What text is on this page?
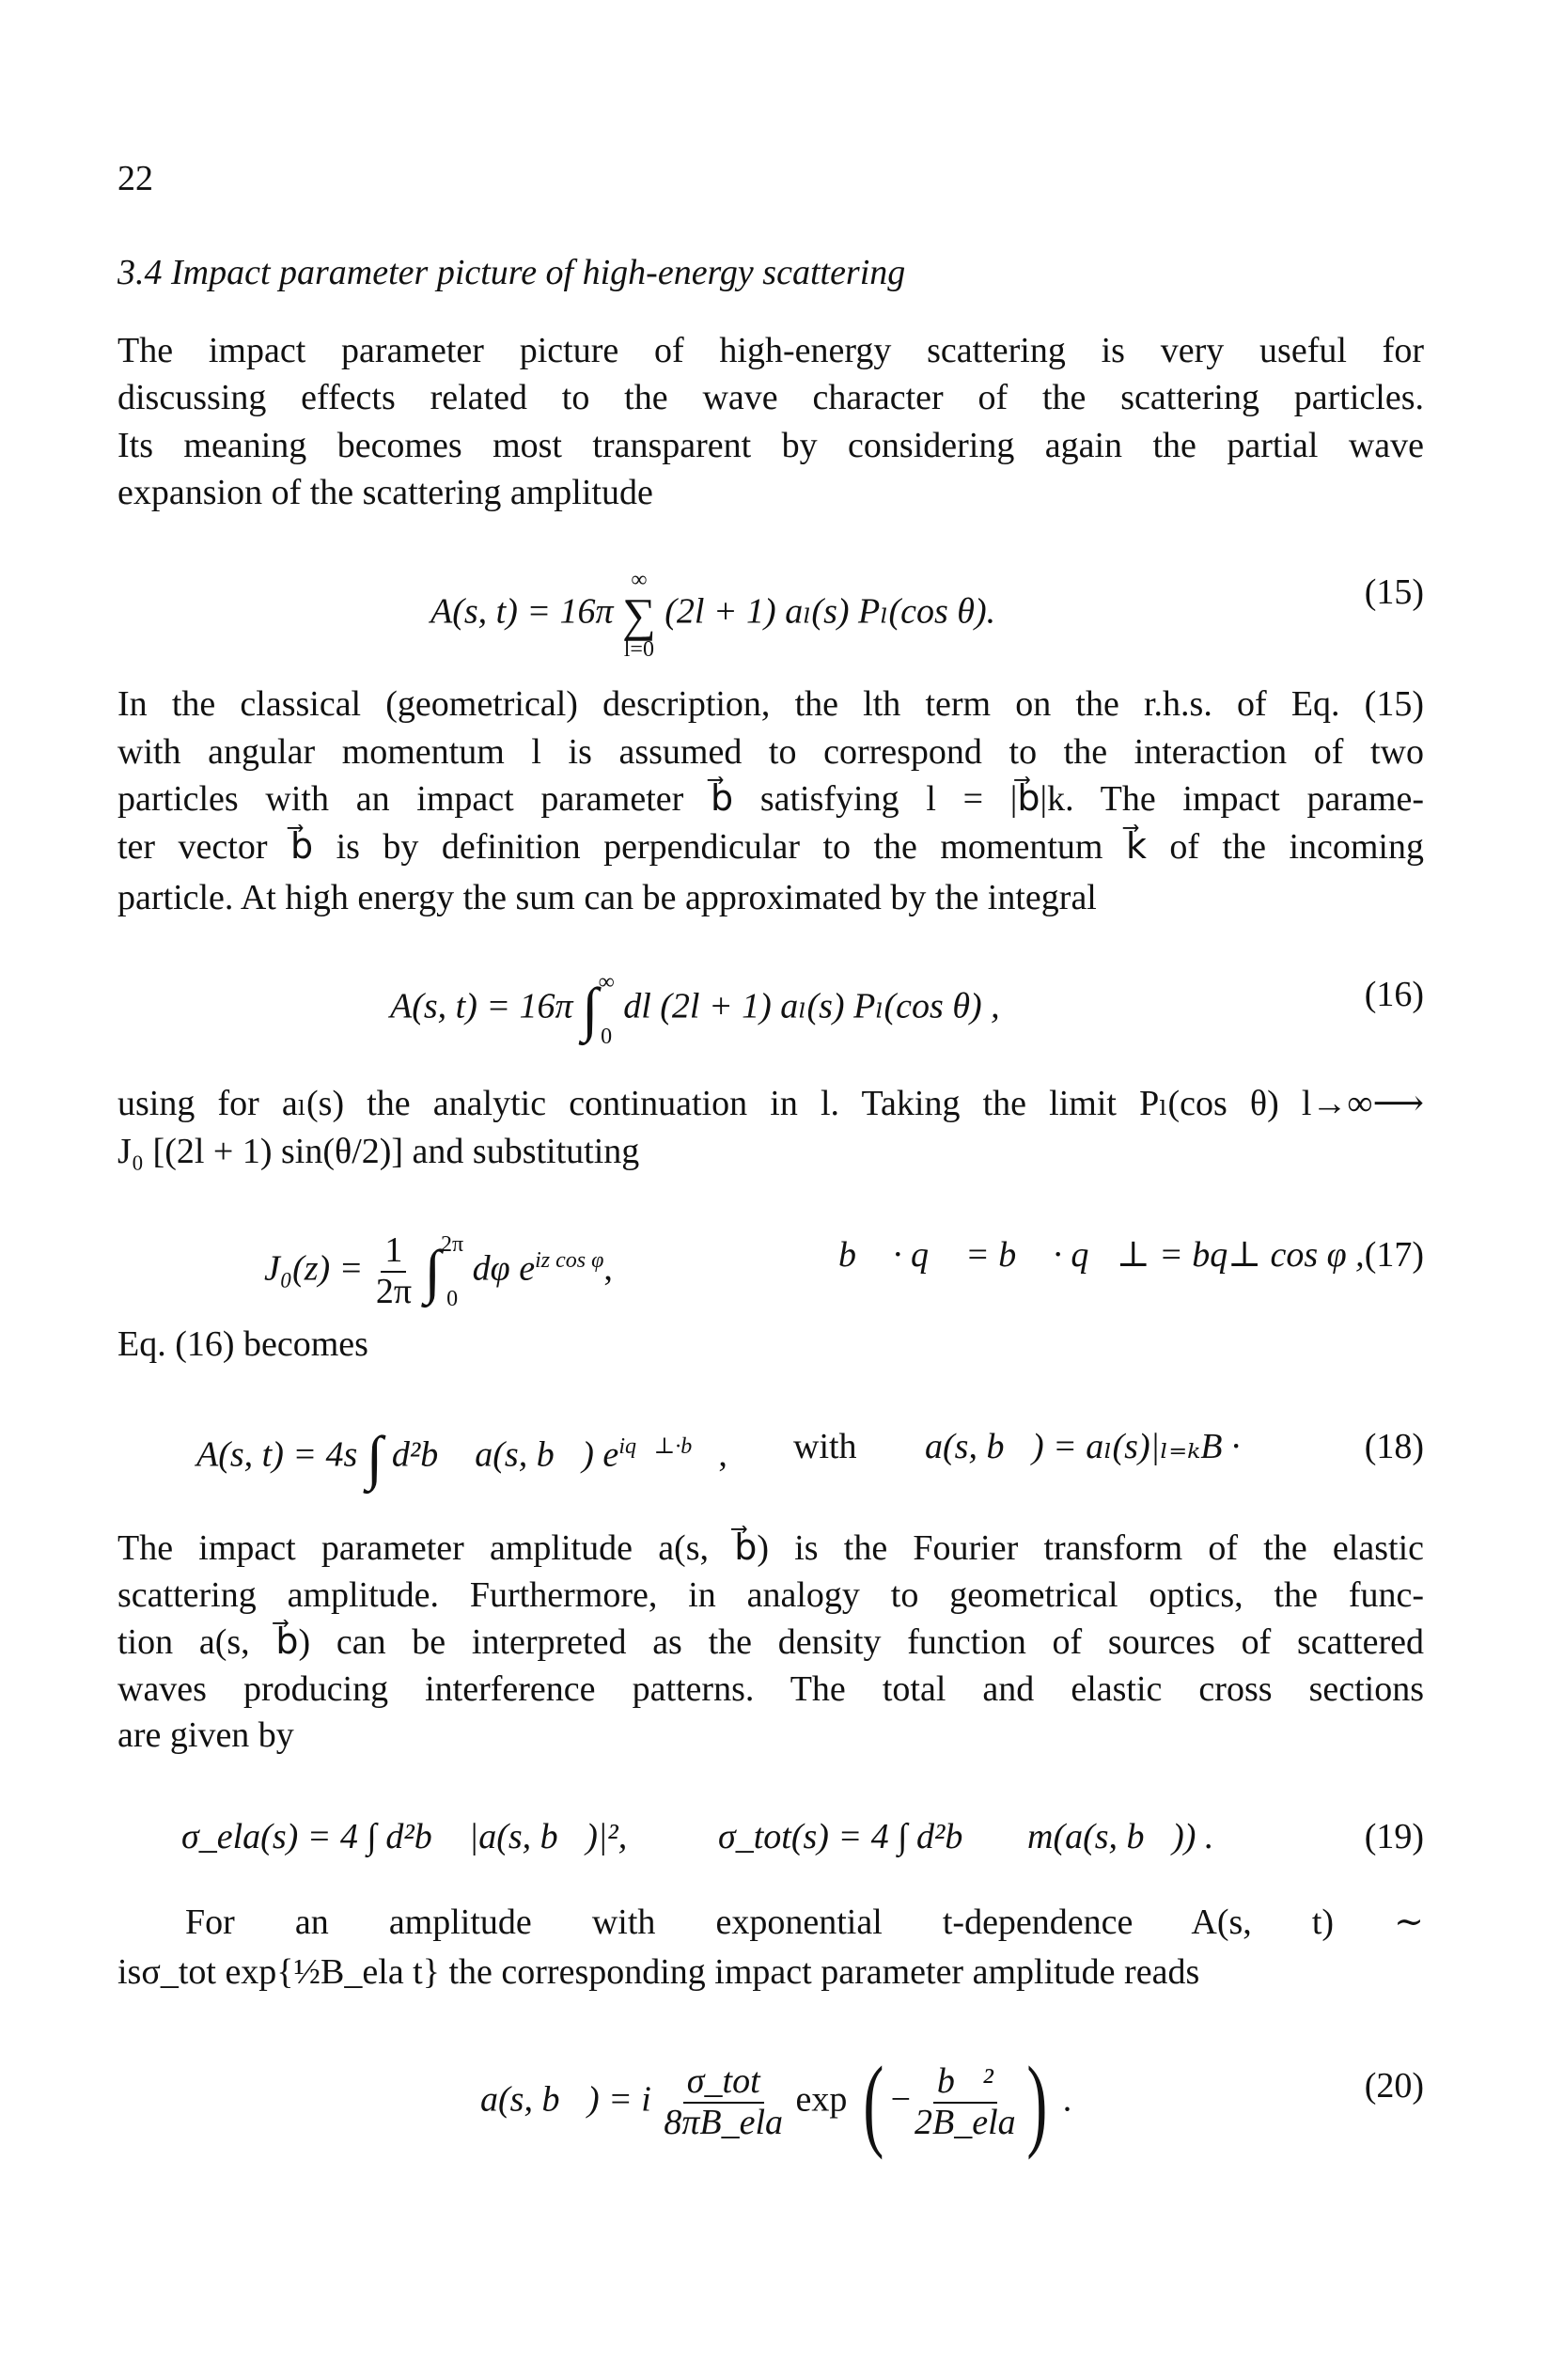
22
3.4 Impact parameter picture of high-energy scattering
The impact parameter picture of high-energy scattering is very useful for
discussing effects related to the wave character of the scattering particles.
Its meaning becomes most transparent by considering again the partial wave
expansion of the scattering amplitude
A(s, t) = 16π
∞
∑
l=0
(2l + 1) aₗ(s) Pₗ(cos θ).	(15)
In the classical (geometrical) description, the lth term on the r.h.s. of Eq. (15)
with angular momentum l is assumed to correspond to the interaction of two
particles with an impact parameter b⃗ satisfying l = |b⃗|k. The impact parame-
ter vector b⃗ is by definition perpendicular to the momentum k⃗ of the incoming
particle. At high energy the sum can be approximated by the integral
A(s, t) = 16π ∫ ∞
0
dl (2l + 1) aₗ(s) Pₗ(cos θ) ,	(16)
using for aₗ(s) the analytic continuation in l. Taking the limit Pₗ(cos θ) l→∞⟶
J₀ [(2l + 1) sin(θ/2)] and substituting
$J_0(z) = \frac{1}{2\pi}$ ∫ 2π
0
dφ $e^{iz cos \varphi}$,	b⃗ · q⃗ = b⃗ · q⃗⊥ = bq⊥ cos φ , (17)
Eq. (16) becomes
A(s, t) = 4s ∫ d²b⃗ a(s, b⃗) $e^{iq⃗\perp\cdot b⃗}$ , with a(s, b⃗) = aₗ(s)|ₗ₌ₖB ·	(18)
The impact parameter amplitude a(s, b⃗) is the Fourier transform of the elastic
scattering amplitude. Furthermore, in analogy to geometrical optics, the func-
tion a(s, b⃗) can be interpreted as the density function of sources of scattered
waves producing interference patterns. The total and elastic cross sections
are given by
σ_ela(s) = 4 ∫ d²b⃗ |a(s, b⃗)|²,	σ_tot(s) = 4 ∫ d²b⃗ ℑm(a(s, b⃗)) .	(19)
For an amplitude with exponential t-dependence A(s, t) ∼
isσ_tot exp{½B_ela t} the corresponding impact parameter amplitude reads
a(s, b⃗) = i $\frac{\text{σ\_tot}}{\text{8πB\_ela}}$ exp ( − $\frac{\text{b⃗²}}{\text{2B\_ela}}$ ) .	(20)
